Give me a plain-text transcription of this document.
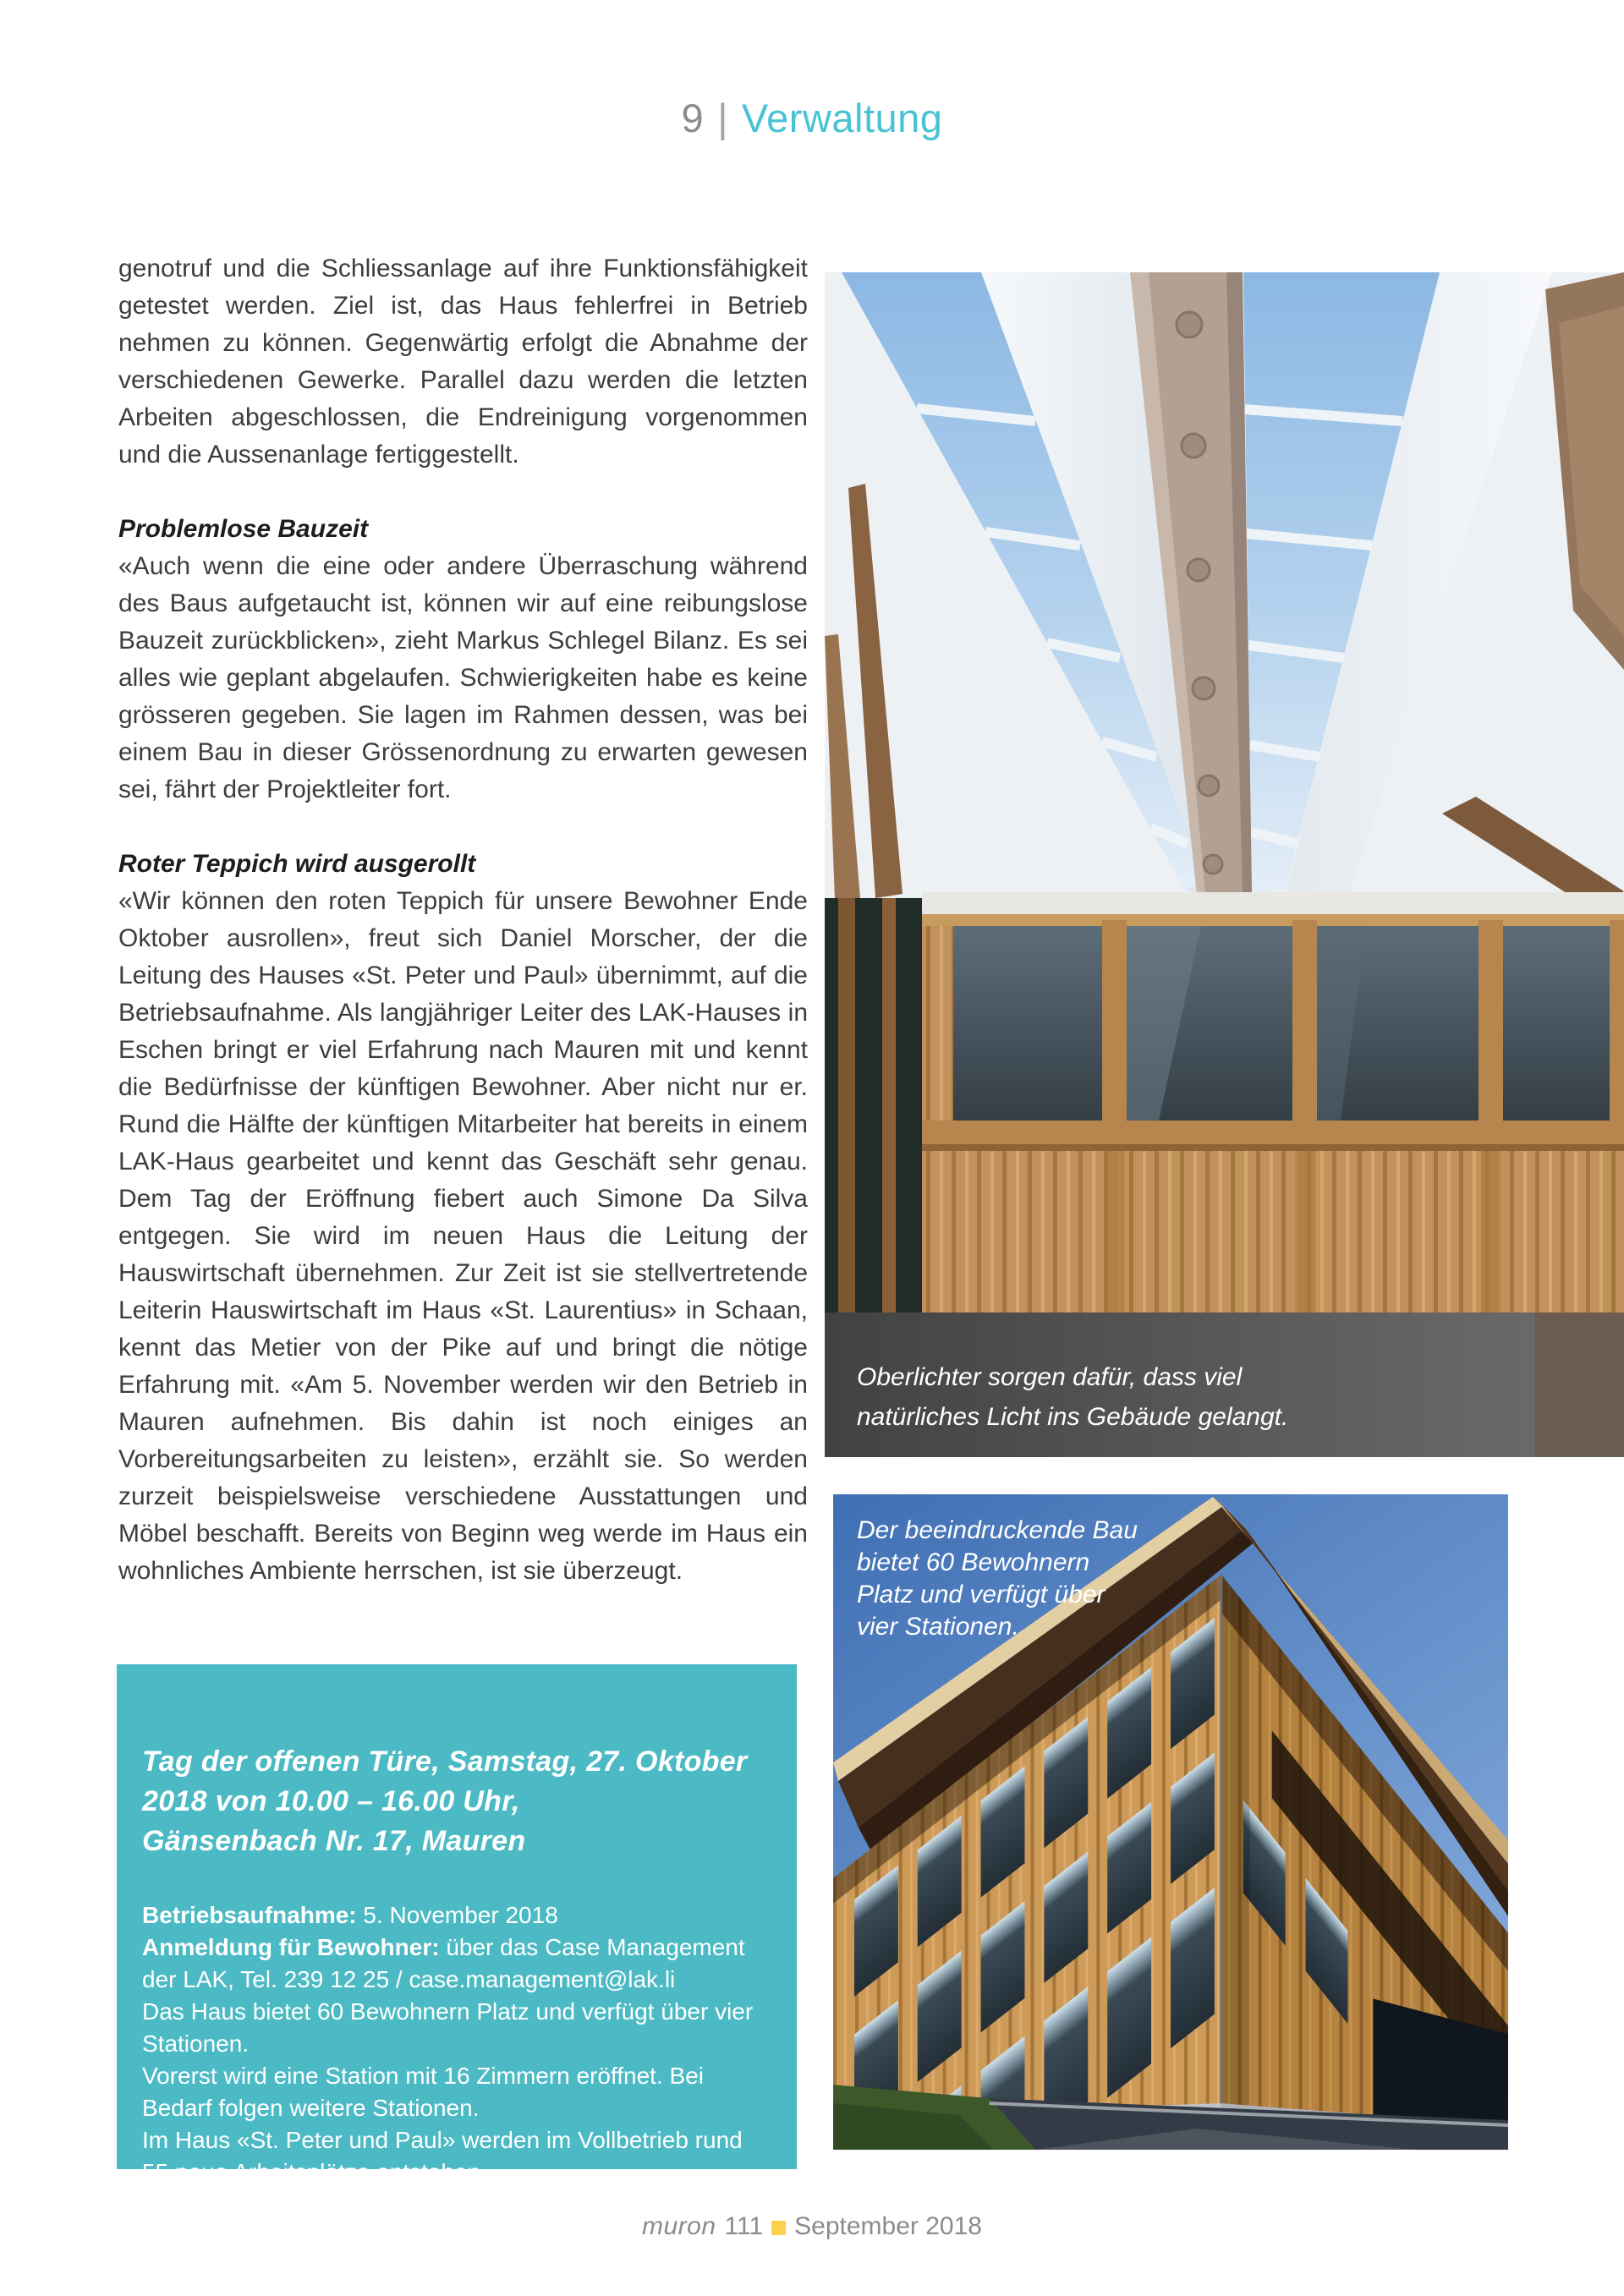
9 | Verwaltung

genotruf und die Schliessanlage auf ihre Funktionsfähigkeit getestet werden. Ziel ist, das Haus fehlerfrei in Betrieb nehmen zu können. Gegenwärtig erfolgt die Abnahme der verschiedenen Gewerke. Parallel dazu werden die letzten Arbeiten abgeschlossen, die Endreinigung vorgenommen und die Aussenanlage fertiggestellt.

Problemlose Bauzeit

«Auch wenn die eine oder andere Überraschung während des Baus aufgetaucht ist, können wir auf eine reibungslose Bauzeit zurückblicken», zieht Markus Schlegel Bilanz. Es sei alles wie geplant abgelaufen. Schwierigkeiten habe es keine grösseren gegeben. Sie lagen im Rahmen dessen, was bei einem Bau in dieser Grössenordnung zu erwarten gewesen sei, fährt der Projektleiter fort.

Roter Teppich wird ausgerollt

«Wir können den roten Teppich für unsere Bewohner Ende Oktober ausrollen», freut sich Daniel Morscher, der die Leitung des Hauses «St. Peter und Paul» übernimmt, auf die Betriebsaufnahme. Als langjähriger Leiter des LAK-Hauses in Eschen bringt er viel Erfahrung nach Mauren mit und kennt die Bedürfnisse der künftigen Bewohner. Aber nicht nur er. Rund die Hälfte der künftigen Mitarbeiter hat bereits in einem LAK-Haus gearbeitet und kennt das Geschäft sehr genau. Dem Tag der Eröffnung fiebert auch Simone Da Silva entgegen. Sie wird im neuen Haus die Leitung der Hauswirtschaft übernehmen. Zur Zeit ist sie stellvertretende Leiterin Hauswirtschaft im Haus «St. Laurentius» in Schaan, kennt das Metier von der Pike auf und bringt die nötige Erfahrung mit. «Am 5. November werden wir den Betrieb in Mauren aufnehmen. Bis dahin ist noch einiges an Vorbereitungsarbeiten zu leisten», erzählt sie. So werden zurzeit beispielsweise verschiedene Ausstattungen und Möbel beschafft. Bereits von Beginn weg werde im Haus ein wohnliches Ambiente herrschen, ist sie überzeugt.

Oberlichter sorgen dafür, dass viel
natürliches Licht ins Gebäude gelangt.
Der beeindruckende Bau
bietet 60 Bewohnern
Platz und verfügt über
vier Stationen.
Tag der offenen Türe, Samstag, 27. Oktober
2018 von 10.00 – 16.00 Uhr,
Gänsenbach Nr. 17, Mauren
Betriebsaufnahme: 5. November 2018
Anmeldung für Bewohner: über das Case Management der LAK, Tel. 239 12 25 / case.management@lak.li
Das Haus bietet 60 Bewohnern Platz und verfügt über vier Stationen.
Vorerst wird eine Station mit 16 Zimmern eröffnet. Bei Bedarf folgen weitere Stationen.
Im Haus «St. Peter und Paul» werden im Vollbetrieb rund 55 neue Arbeitsplätze entstehen.
muron 111 September 2018
